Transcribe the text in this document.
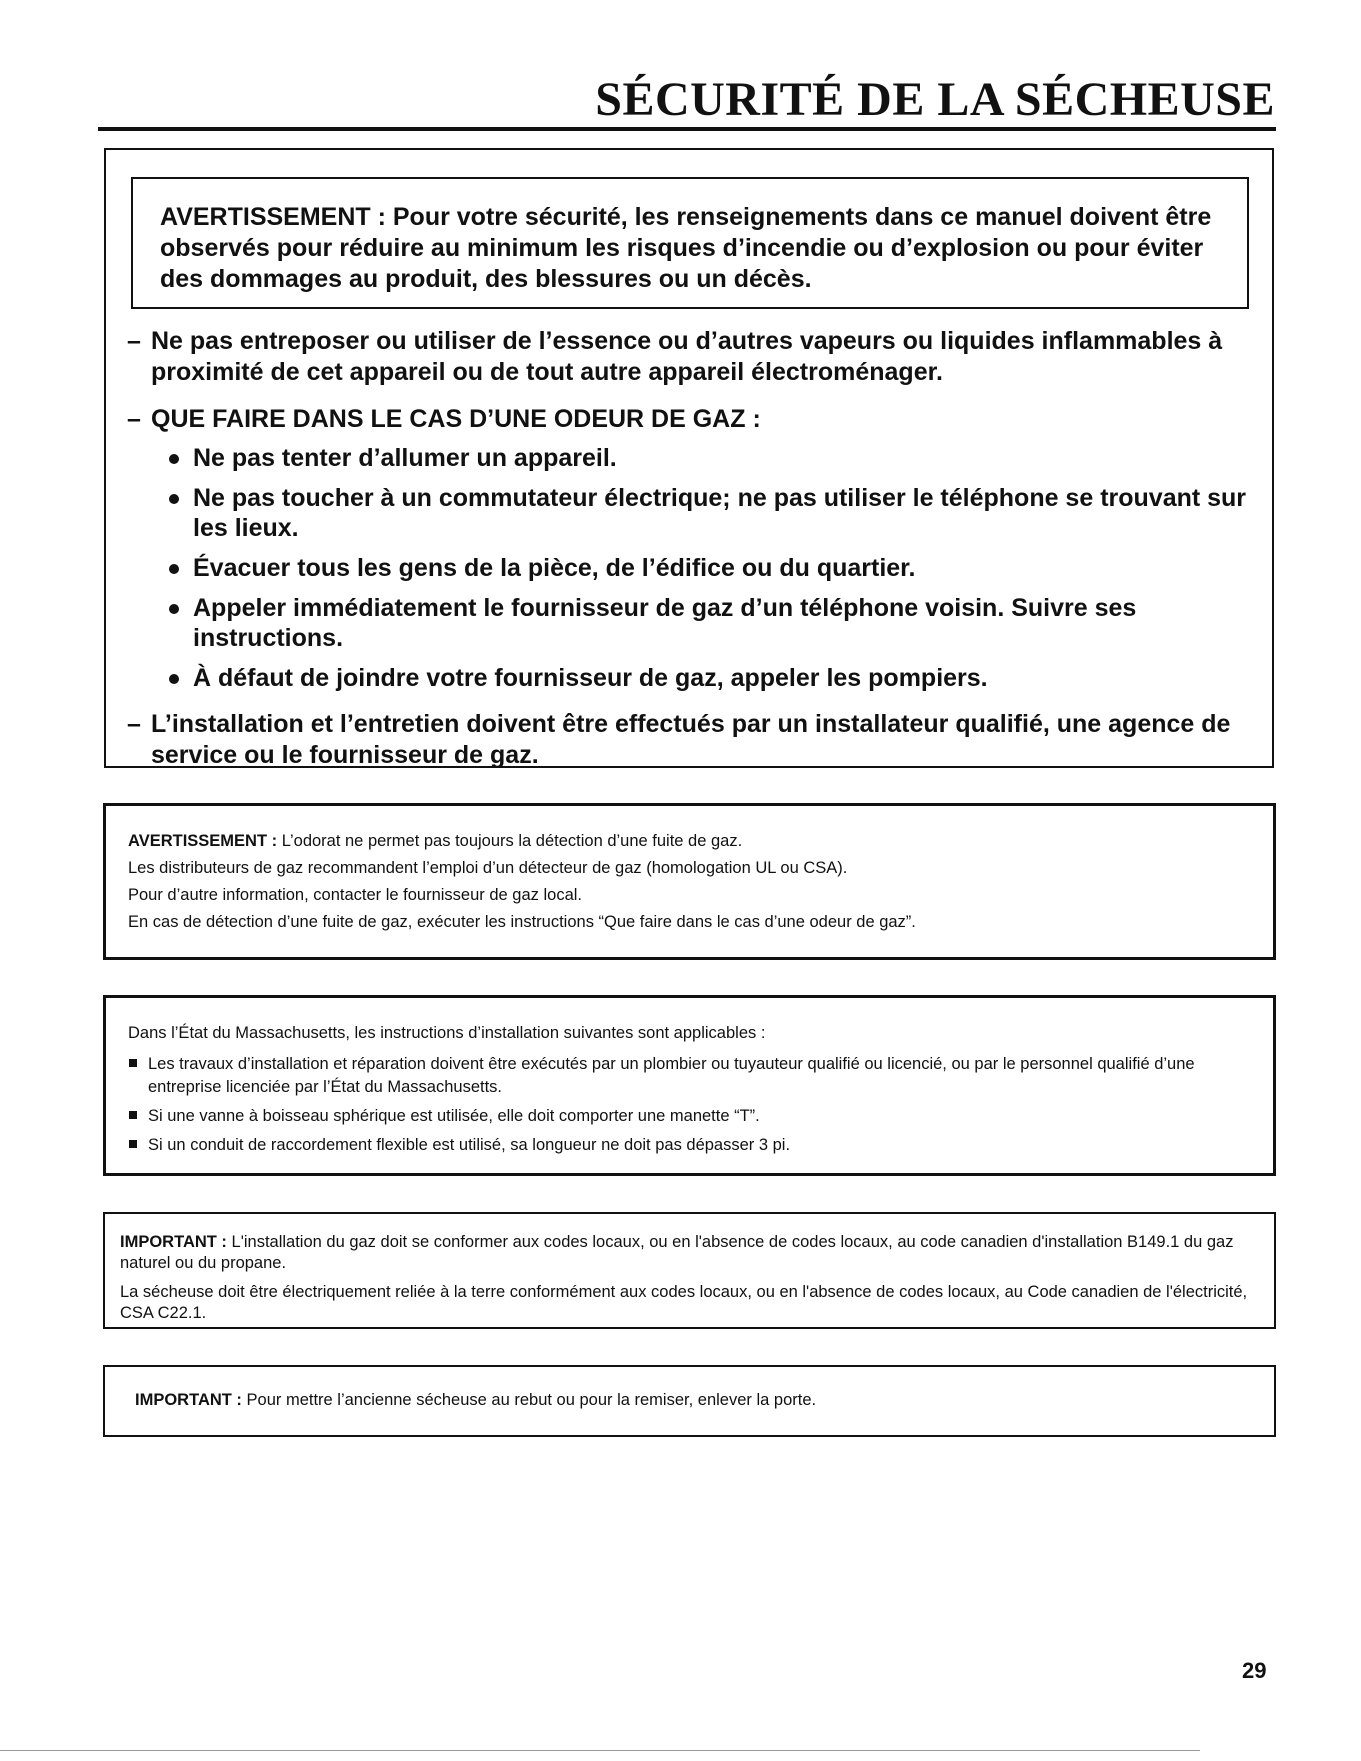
SÉCURITÉ DE LA SÉCHEUSE

AVERTISSEMENT : Pour votre sécurité, les renseignements dans ce manuel doivent être observés pour réduire au minimum les risques d’incendie ou d’explosion ou pour éviter des dommages au produit, des blessures ou un décès.

– Ne pas entreposer ou utiliser de l’essence ou d’autres vapeurs ou liquides inflammables à proximité de cet appareil ou de tout autre appareil électroménager.
– QUE FAIRE DANS LE CAS D’UNE ODEUR DE GAZ :
Ne pas tenter d’allumer un appareil.
Ne pas toucher à un commutateur électrique; ne pas utiliser le téléphone se trouvant sur les lieux.
Évacuer tous les gens de la pièce, de l’édifice ou du quartier.
Appeler immédiatement le fournisseur de gaz d’un téléphone voisin. Suivre ses instructions.
À défaut de joindre votre fournisseur de gaz, appeler les pompiers.
– L’installation et l’entretien doivent être effectués par un installateur qualifié, une agence de service ou le fournisseur de gaz.

AVERTISSEMENT : L’odorat ne permet pas toujours la détection d’une fuite de gaz.

Les distributeurs de gaz recommandent l’emploi d’un détecteur de gaz (homologation UL ou CSA).

Pour d’autre information, contacter le fournisseur de gaz local.

En cas de détection d’une fuite de gaz, exécuter les instructions “Que faire dans le cas d’une odeur de gaz”.

Dans l’État du Massachusetts, les instructions d’installation suivantes sont applicables :

Les travaux d’installation et réparation doivent être exécutés par un plombier ou tuyauteur qualifié ou licencié, ou par le personnel qualifié d’une entreprise licenciée par l’État du Massachusetts.
Si une vanne à boisseau sphérique est utilisée, elle doit comporter une manette “T”.
Si un conduit de raccordement flexible est utilisé, sa longueur ne doit pas dépasser 3 pi.

IMPORTANT : L'installation du gaz doit se conformer aux codes locaux, ou en l'absence de codes locaux, au code canadien d'installation B149.1 du gaz naturel ou du propane.

La sécheuse doit être électriquement reliée à la terre conformément aux codes locaux, ou en l'absence de codes locaux, au Code canadien de l'électricité, CSA C22.1.

IMPORTANT : Pour mettre l’ancienne sécheuse au rebut ou pour la remiser, enlever la porte.

29
